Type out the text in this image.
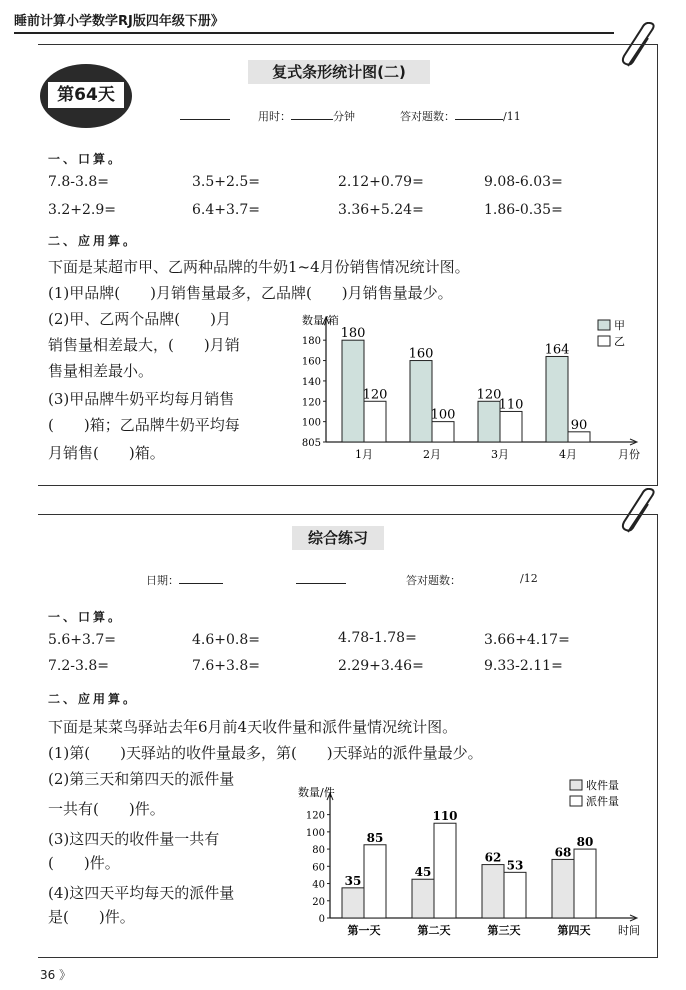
睡前计算小学数学RJ版四年级下册》
复式条形统计图(二)
第64天
用时：	分钟	答对题数：	/11
一、口算。
7.8-3.8=	3.5+2.5=	2.12+0.79=	9.08-6.03=
3.2+2.9=	6.4+3.7=	3.36+5.24=	1.86-0.35=
二、应用算。
下面是某超市甲、乙两种品牌的牛奶1~4月份销售情况统计图。
(1)甲品牌(　　)月销售量最多，乙品牌(　　)月销售量最少。
(2)甲、乙两个品牌(　　)月
销售量相差最大，(　　)月销
售量相差最小。
(3)甲品牌牛奶平均每月销售
(　　)箱；乙品牌牛奶平均每
月销售(　　)箱。
数量/箱
月份
805
100
120
140
160
180
180
120
1月
160
100
2月
120
110
3月
164
90
4月
甲
乙
综合练习
日期：	答对题数：	/12
一、口算。
5.6+3.7=	4.6+0.8=	4.78-1.78=	3.66+4.17=
7.2-3.8=	7.6+3.8=	2.29+3.46=	9.33-2.11=
二、应用算。
下面是某菜鸟驿站去年6月前4天收件量和派件量情况统计图。
(1)第(　　)天驿站的收件量最多，第(　　)天驿站的派件量最少。
(2)第三天和第四天的派件量
一共有(　　)件。
(3)这四天的收件量一共有
(　　)件。
(4)这四天平均每天的派件量
是(　　)件。
数量/件
时间
0
20
40
60
80
100
120
35
85
第一天
45
110
第二天
62
53
第三天
68
80
第四天
收件量
派件量
36 》
